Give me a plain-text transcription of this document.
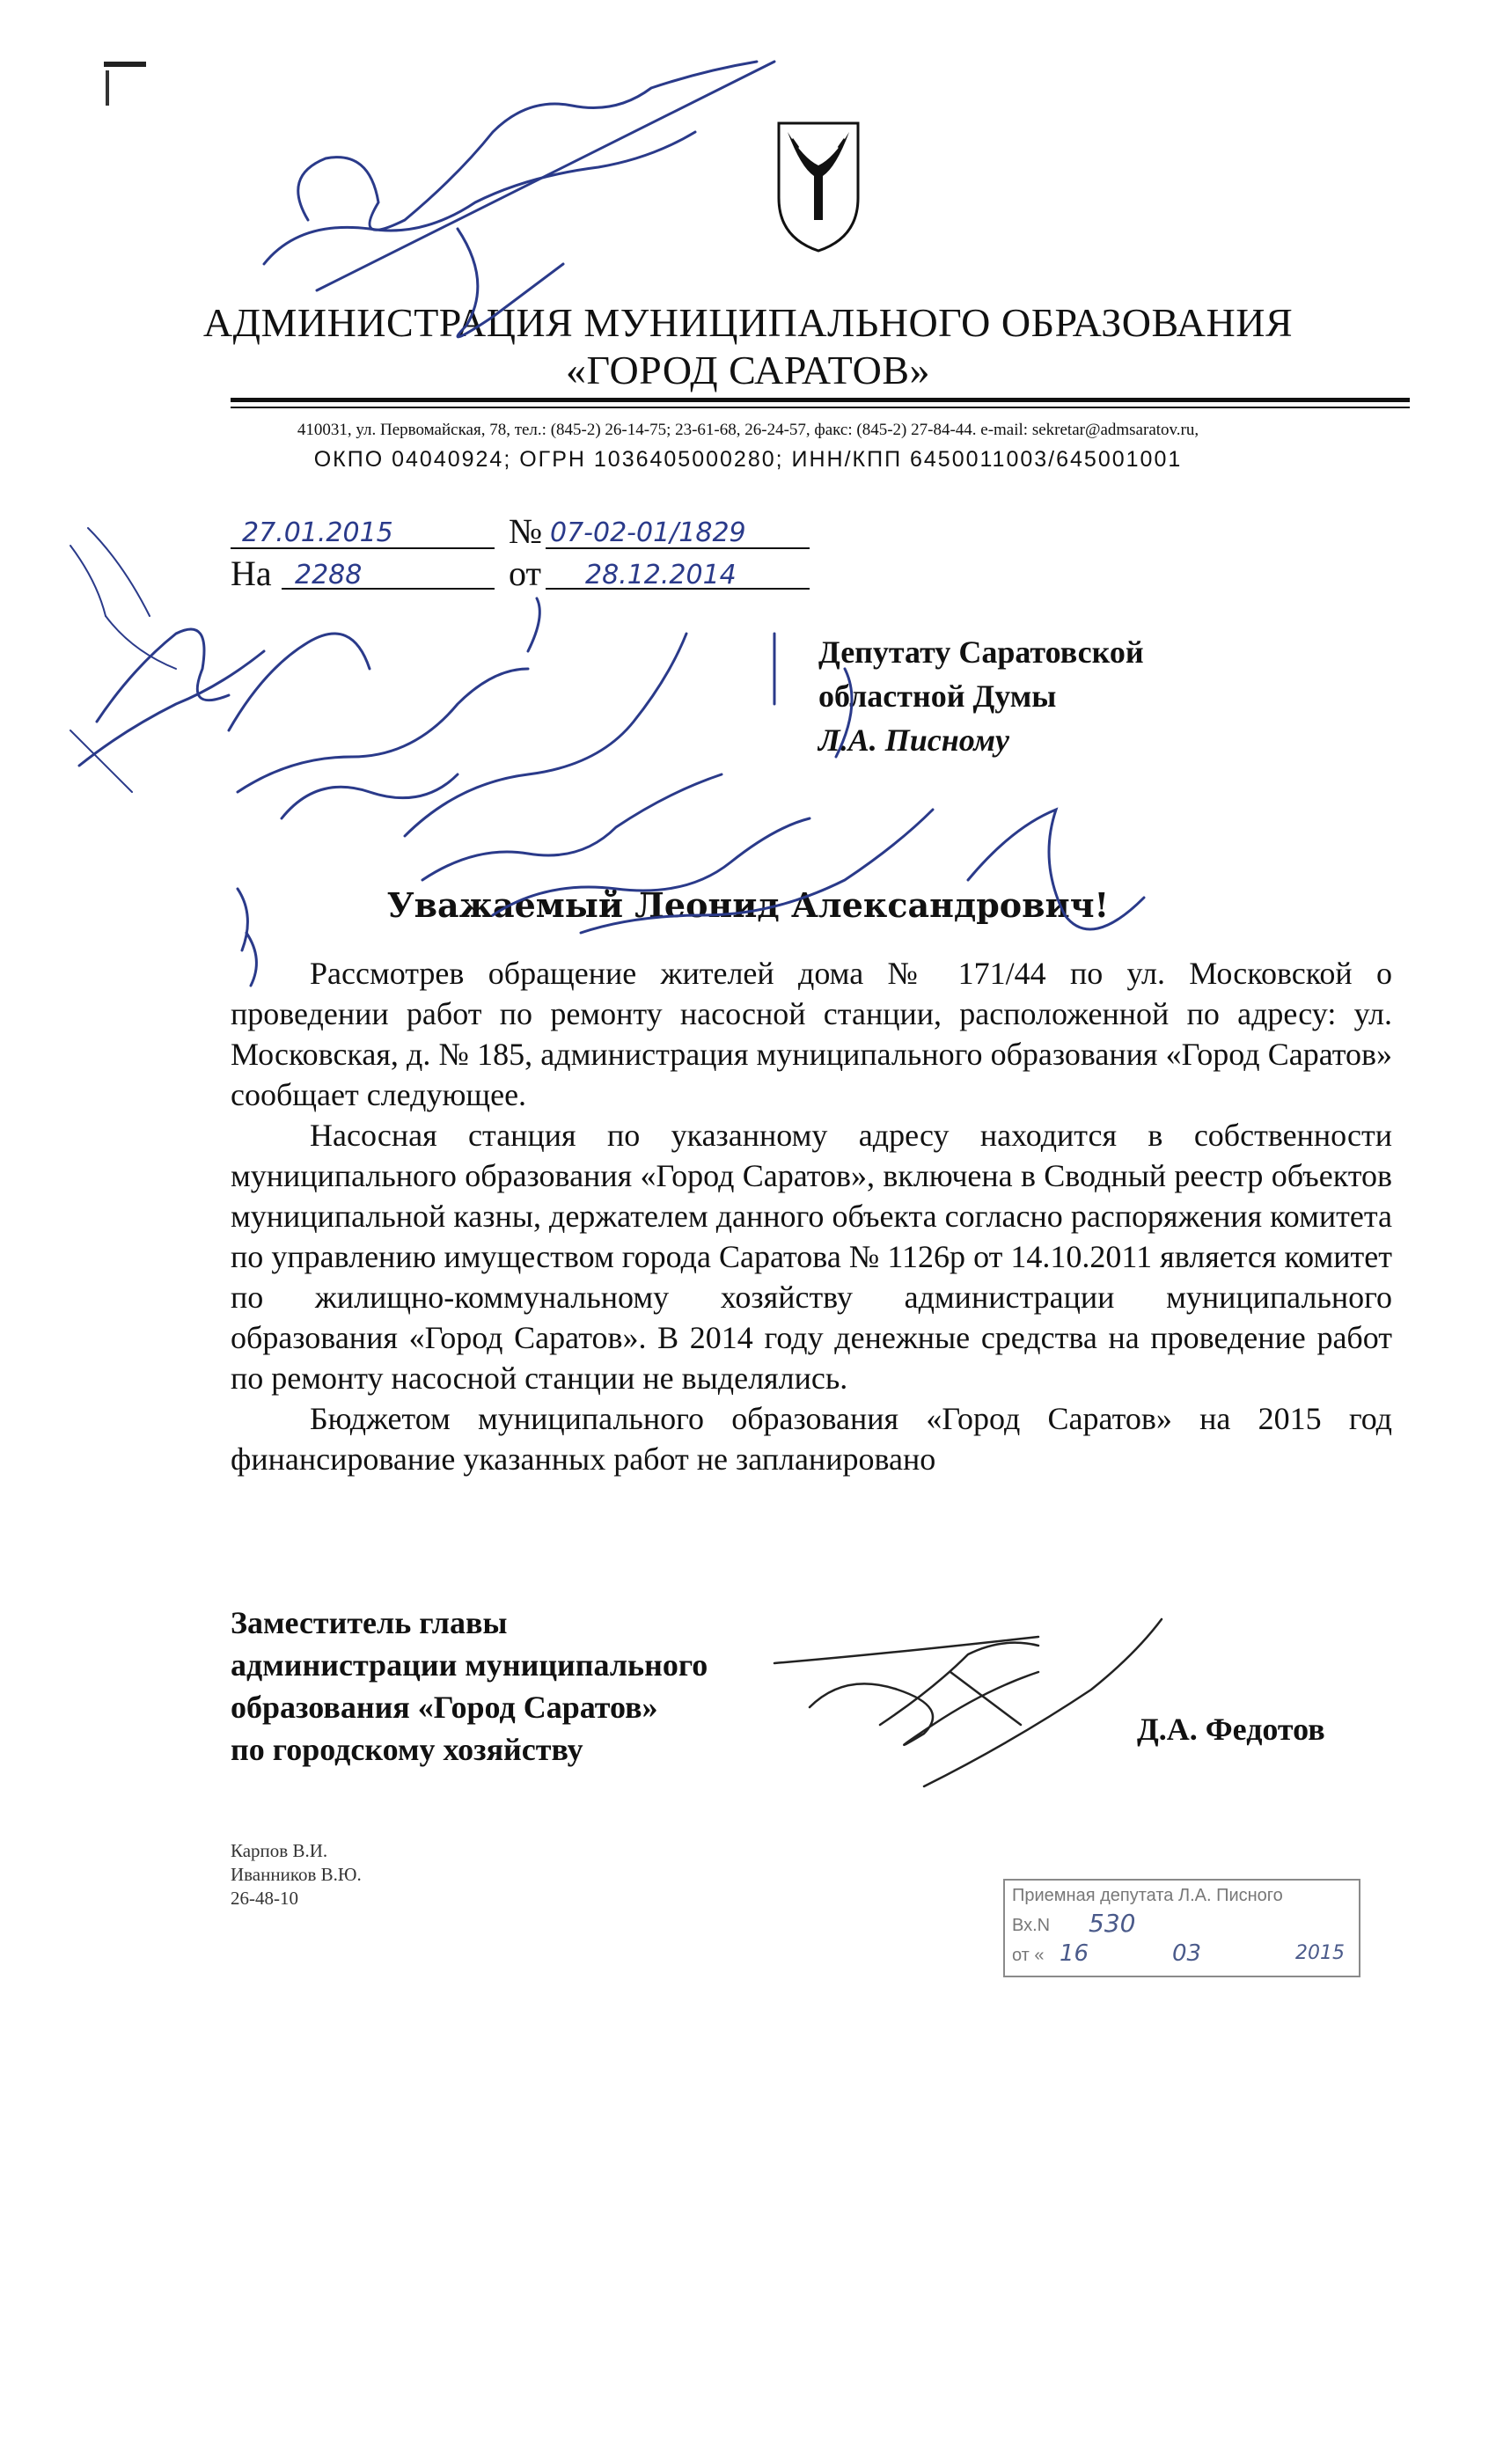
АДМИНИСТРАЦИЯ МУНИЦИПАЛЬНОГО ОБРАЗОВАНИЯ
«ГОРОД САРАТОВ»
410031, ул. Первомайская, 78, тел.: (845-2) 26-14-75; 23-61-68, 26-24-57, факс: (845-2) 27-84-44. e-mail: sekretar@admsaratov.ru,
ОКПО 04040924; ОГРН 1036405000280; ИНН/КПП 6450011003/645001001
27.01.2015	№ 07-02-01/1829
На 2288	от 28.12.2014
Депутату Саратовской
областной Думы
Л.А. Писному
Уважаемый Леонид Александрович!

Рассмотрев обращение жителей дома № 171/44 по ул. Московской о проведении работ по ремонту насосной станции, расположенной по адресу: ул. Московская, д. № 185, администрация муниципального образования «Город Саратов» сообщает следующее.

Насосная станция по указанному адресу находится в собственности муниципального образования «Город Саратов», включена в Сводный реестр объектов муниципальной казны, держателем данного объекта согласно распоряжения комитета по управлению имуществом города Саратова № 1126р от 14.10.2011 является комитет по жилищно-коммунальному хозяйству администрации муниципального образования «Город Саратов». В 2014 году денежные средства на проведение работ по ремонту насосной станции не выделялись.

Бюджетом муниципального образования «Город Саратов» на 2015 год финансирование указанных работ не запланировано

Заместитель главы
администрации муниципального
образования «Город Саратов»
по городскому хозяйству
Д.А. Федотов
Карпов В.И.
Иванников В.Ю.
26-48-10	Приемная депутата Л.А. Писного
Вх.N 530
от « 16	03	2015
